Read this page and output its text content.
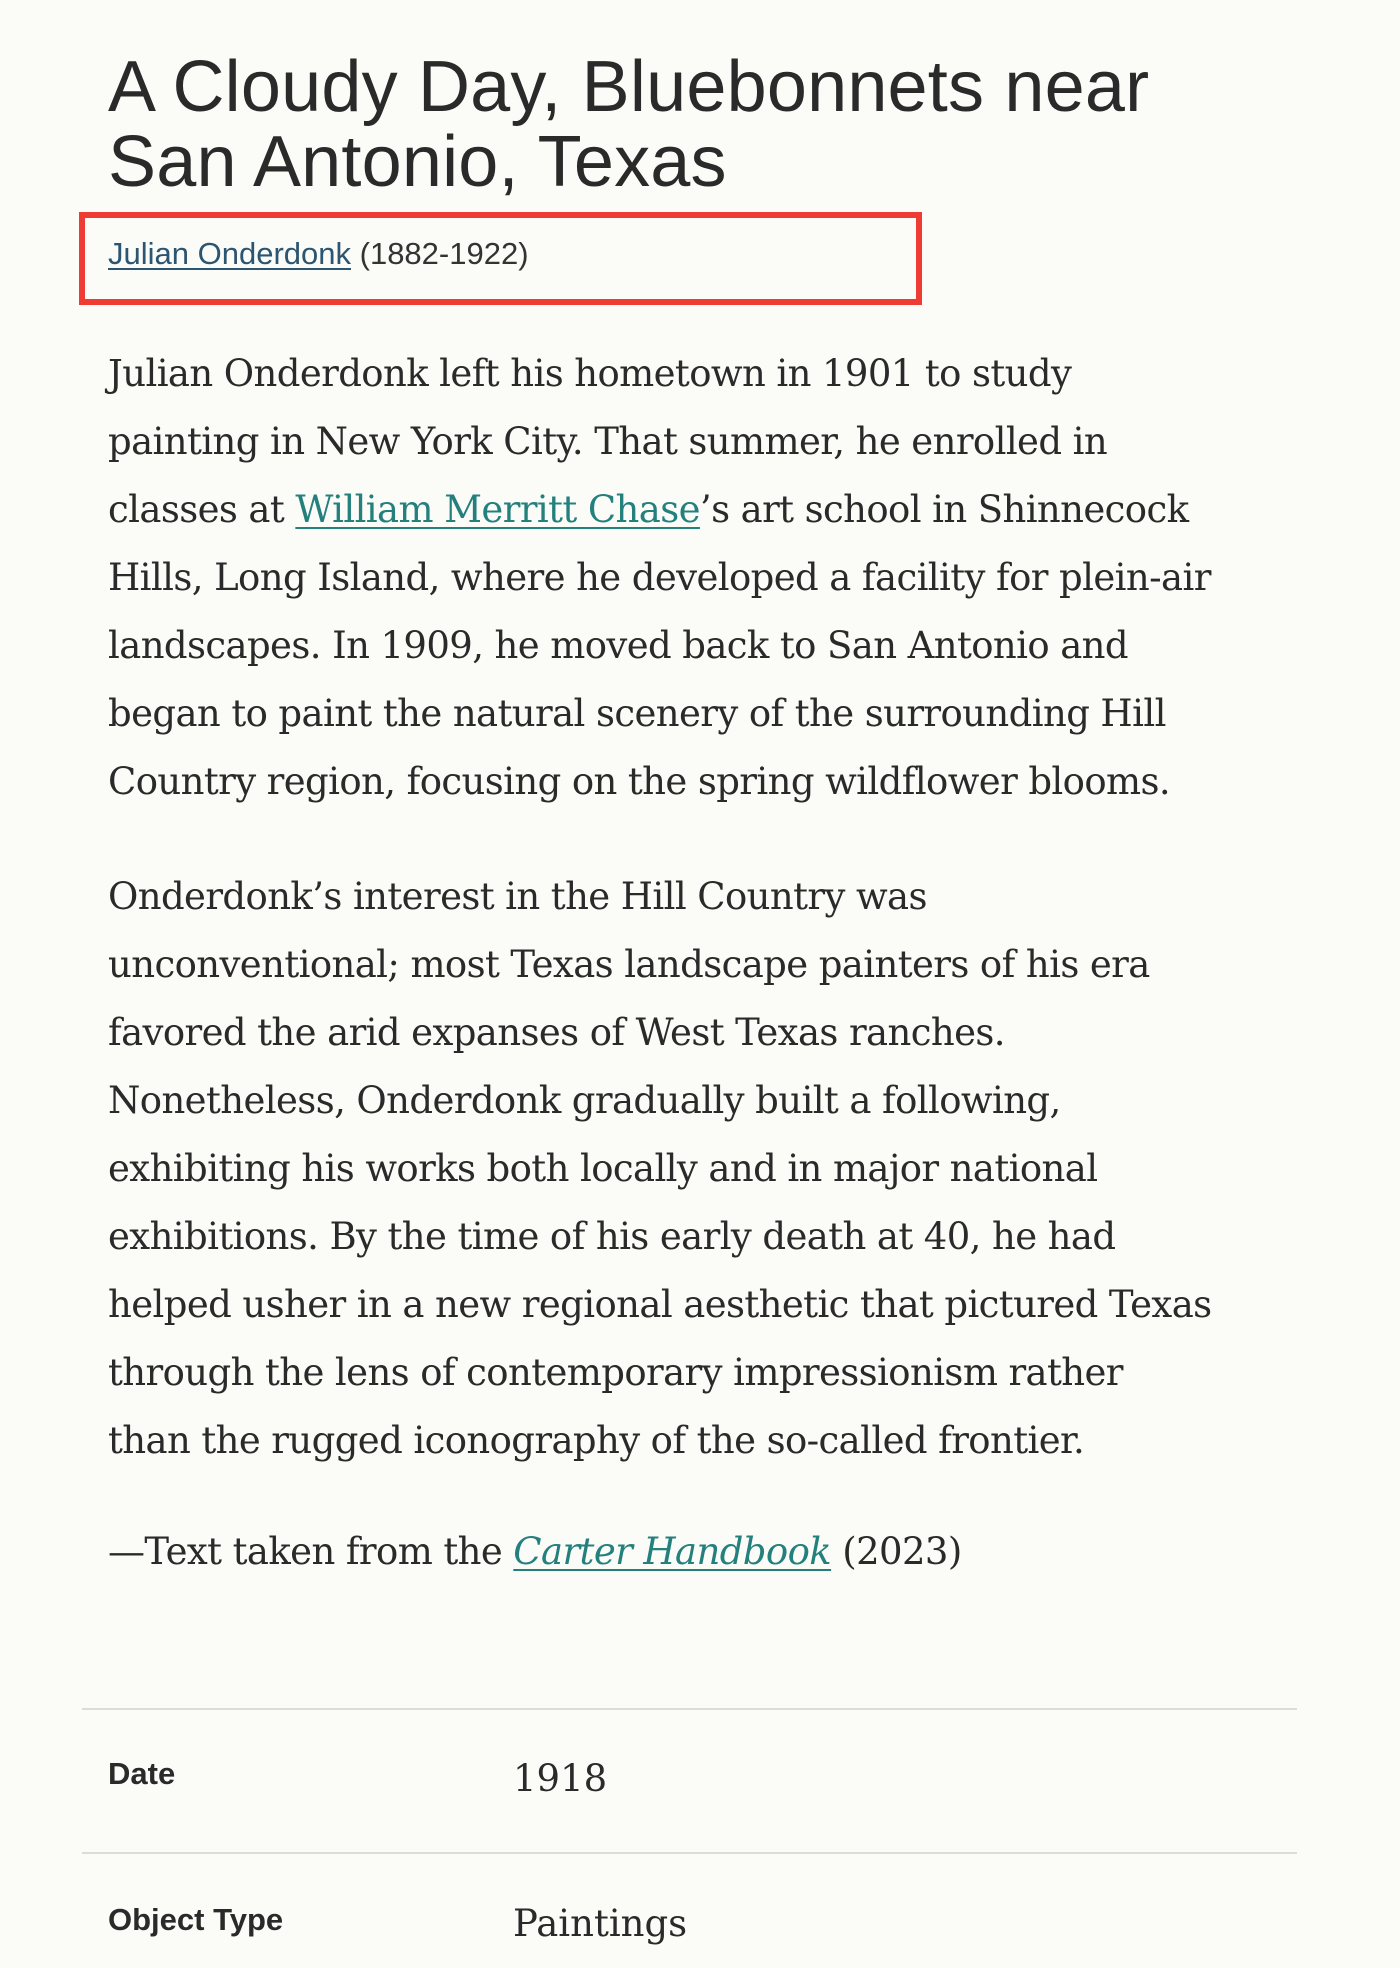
A Cloudy Day, Bluebonnets near
San Antonio, Texas
Julian Onderdonk (1882-1922)

Julian Onderdonk left his hometown in 1901 to study
painting in New York City. That summer, he enrolled in
classes at William Merritt Chase’s art school in Shinnecock
Hills, Long Island, where he developed a facility for plein-air
landscapes. In 1909, he moved back to San Antonio and
began to paint the natural scenery of the surrounding Hill
Country region, focusing on the spring wildflower blooms.

Onderdonk’s interest in the Hill Country was
unconventional; most Texas landscape painters of his era
favored the arid expanses of West Texas ranches.
Nonetheless, Onderdonk gradually built a following,
exhibiting his works both locally and in major national
exhibitions. By the time of his early death at 40, he had
helped usher in a new regional aesthetic that pictured Texas
through the lens of contemporary impressionism rather
than the rugged iconography of the so-called frontier.

—Text taken from the Carter Handbook (2023)

Date	1918
Object Type	Paintings
